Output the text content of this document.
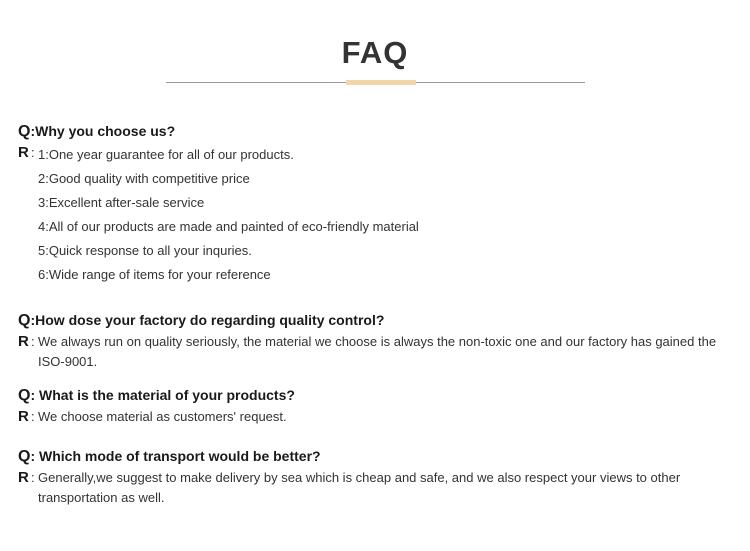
FAQ
Q:Why you choose us?
R : 1:One year guarantee for all of our products.
2:Good quality with competitive price
3:Excellent after-sale service
4:All of our products are made and painted of eco-friendly material
5:Quick response to all your inquries.
6:Wide range of items for your reference
Q:How dose your factory do regarding quality control?
R : We always run on quality seriously, the material we choose is always the non-toxic one and our factory has gained the ISO-9001.
Q: What is the material of your products?
R : We choose material as customers' request.
Q: Which mode of transport would be better?
R : Generally,we suggest to make delivery by sea which is cheap and safe, and we also respect your views to other transportation as well.
